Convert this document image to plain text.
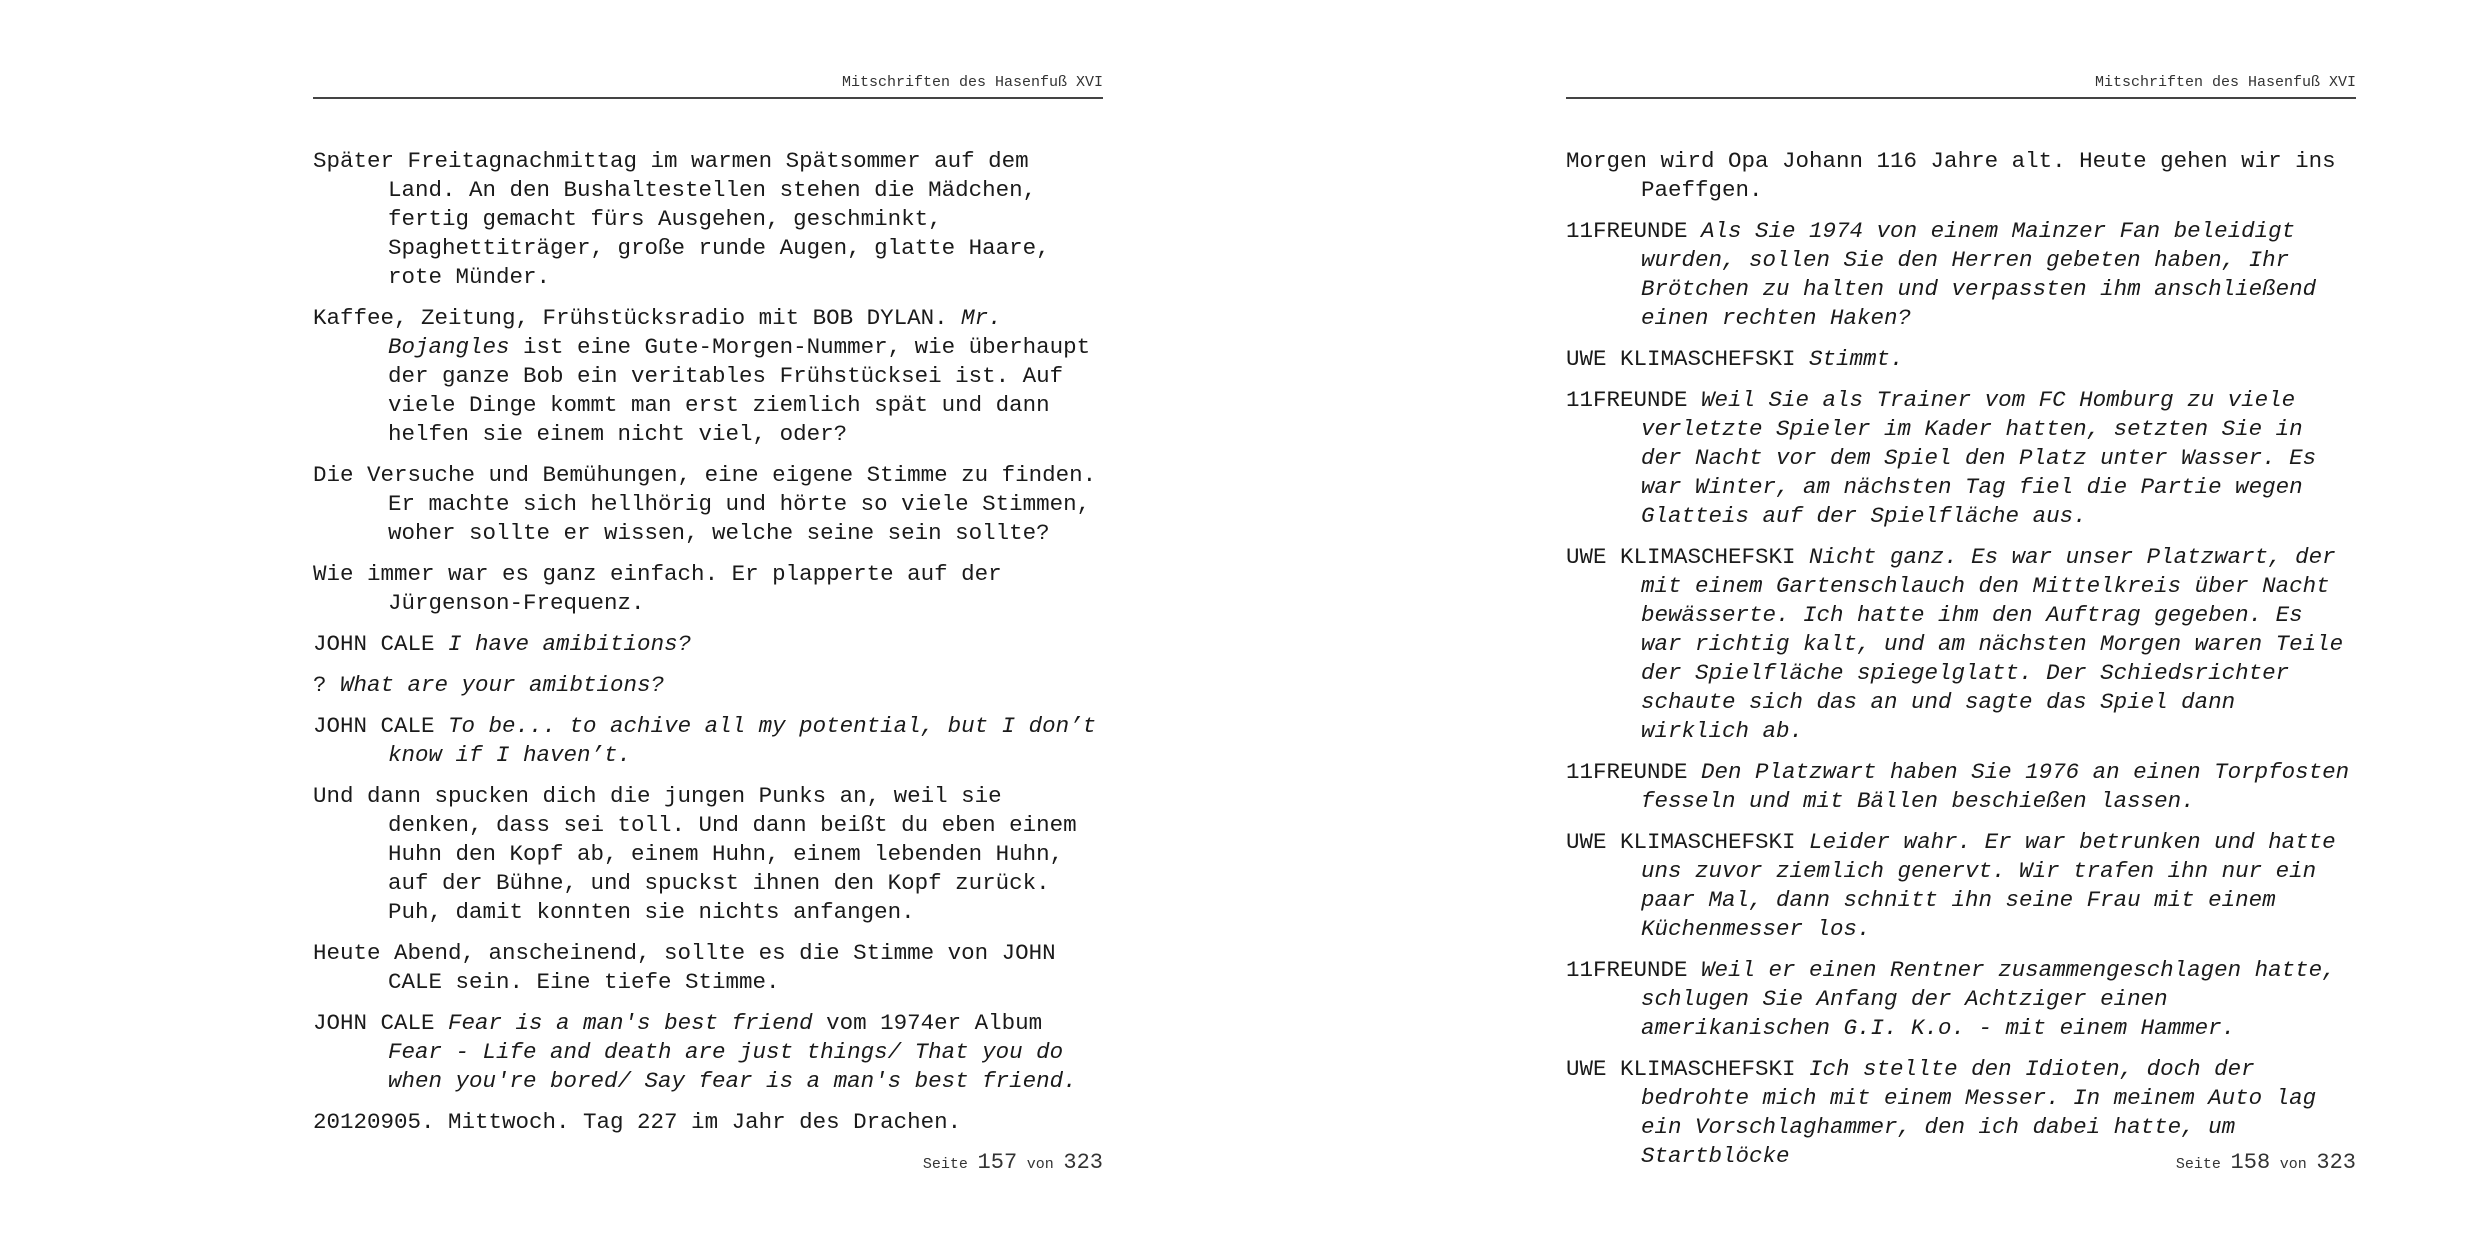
Mitschriften des Hasenfuß XVI

Später Freitagnachmittag im warmen Spätsommer auf dem Land. An den Bushaltestellen stehen die Mädchen, fertig gemacht fürs Ausgehen, geschminkt, Spaghettiträger, große runde Augen, glatte Haare, rote Münder.

Kaffee, Zeitung, Frühstücksradio mit BOB DYLAN. Mr. Bojangles ist eine Gute-Morgen-Nummer, wie überhaupt der ganze Bob ein veritables Frühstücksei ist. Auf viele Dinge kommt man erst ziemlich spät und dann helfen sie einem nicht viel, oder?

Die Versuche und Bemühungen, eine eigene Stimme zu finden. Er machte sich hellhörig und hörte so viele Stimmen, woher sollte er wissen, welche seine sein sollte?

Wie immer war es ganz einfach. Er plapperte auf der Jürgenson-Frequenz.

JOHN CALE I have amibitions?

? What are your amibtions?

JOHN CALE To be... to achive all my potential, but I don’t know if I haven’t.

Und dann spucken dich die jungen Punks an, weil sie denken, dass sei toll. Und dann beißt du eben einem Huhn den Kopf ab, einem Huhn, einem lebenden Huhn, auf der Bühne, und spuckst ihnen den Kopf zurück. Puh, damit konnten sie nichts anfangen.

Heute Abend, anscheinend, sollte es die Stimme von JOHN CALE sein. Eine tiefe Stimme.

JOHN CALE Fear is a man's best friend vom 1974er Album Fear - Life and death are just things/ That you do when you're bored/ Say fear is a man's best friend.

20120905. Mittwoch. Tag 227 im Jahr des Drachen.

Seite 157 von 323
Mitschriften des Hasenfuß XVI

Morgen wird Opa Johann 116 Jahre alt. Heute gehen wir ins Paeffgen.

11FREUNDE Als Sie 1974 von einem Mainzer Fan beleidigt wurden, sollen Sie den Herren gebeten haben, Ihr Brötchen zu halten und verpassten ihm anschließend einen rechten Haken?

UWE KLIMASCHEFSKI Stimmt.

11FREUNDE Weil Sie als Trainer vom FC Homburg zu viele verletzte Spieler im Kader hatten, setzten Sie in der Nacht vor dem Spiel den Platz unter Wasser. Es war Winter, am nächsten Tag fiel die Partie wegen Glatteis auf der Spielfläche aus.

UWE KLIMASCHEFSKI Nicht ganz. Es war unser Platzwart, der mit einem Gartenschlauch den Mittelkreis über Nacht bewässerte. Ich hatte ihm den Auftrag gegeben. Es war richtig kalt, und am nächsten Morgen waren Teile der Spielfläche spiegelglatt. Der Schiedsrichter schaute sich das an und sagte das Spiel dann wirklich ab.

11FREUNDE Den Platzwart haben Sie 1976 an einen Torpfosten fesseln und mit Bällen beschießen lassen.

UWE KLIMASCHEFSKI Leider wahr. Er war betrunken und hatte uns zuvor ziemlich genervt. Wir trafen ihn nur ein paar Mal, dann schnitt ihn seine Frau mit einem Küchenmesser los.

11FREUNDE Weil er einen Rentner zusammengeschlagen hatte, schlugen Sie Anfang der Achtziger einen amerikanischen G.I. K.o. - mit einem Hammer.

UWE KLIMASCHEFSKI Ich stellte den Idioten, doch der bedrohte mich mit einem Messer. In meinem Auto lag ein Vorschlaghammer, den ich dabei hatte, um Startblöcke	Seite 158 von 323
